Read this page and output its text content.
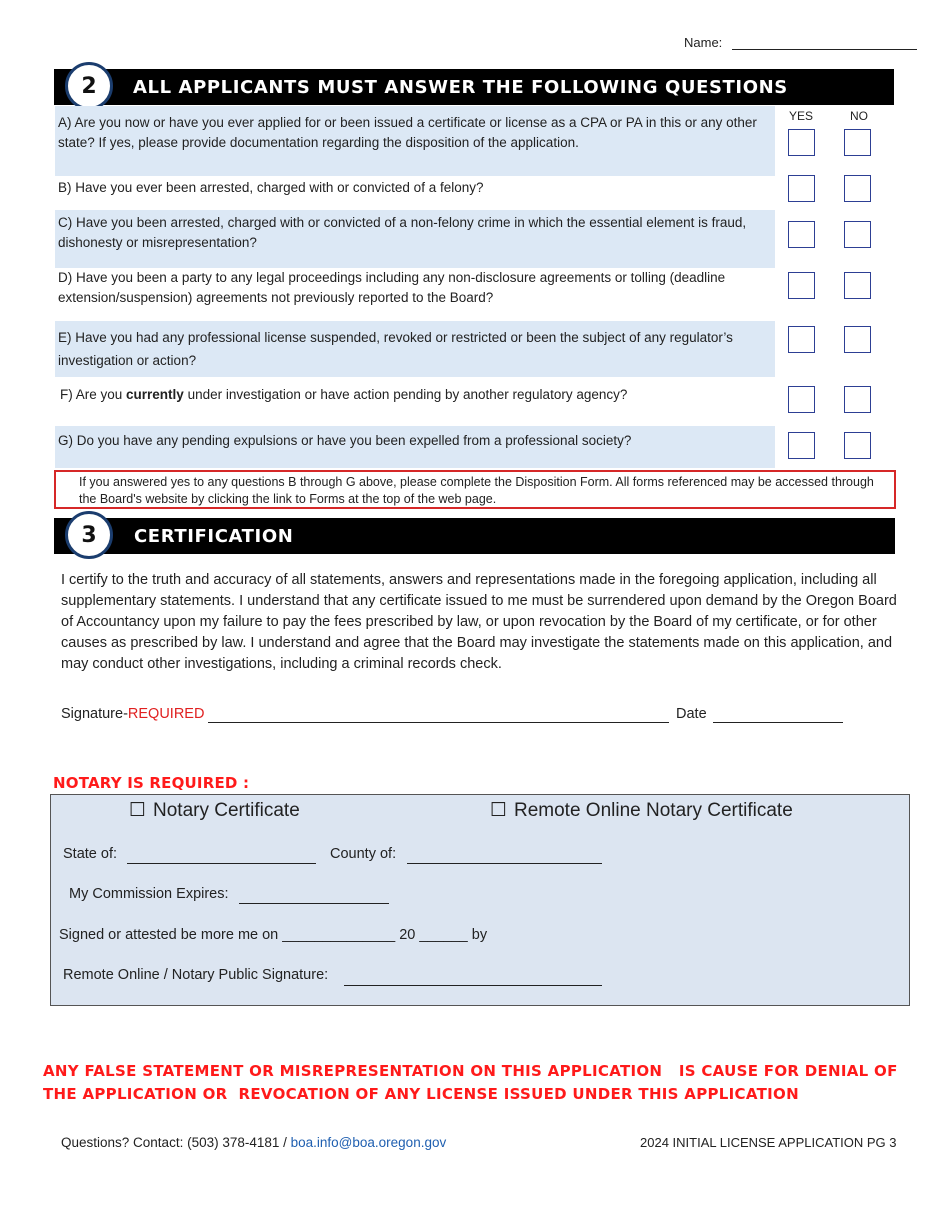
Name:
2	ALL APPLICANTS MUST ANSWER THE FOLLOWING QUESTIONS
YES	NO
A) Are you now or have you ever applied for or been issued a certificate or license as a CPA or PA in this or any other state? If yes, please provide documentation regarding the disposition of the application.
B) Have you ever been arrested, charged with or convicted of a felony?
C) Have you been arrested, charged with or convicted of a non-felony crime in which the essential element is fraud, dishonesty or misrepresentation?
D) Have you been a party to any legal proceedings including any non-disclosure agreements or tolling (deadline extension/suspension) agreements not previously reported to the Board?
E) Have you had any professional license suspended, revoked or restricted or been the subject of any regulator’s investigation or action?
F) Are you currently under investigation or have action pending by another regulatory agency?
G) Do you have any pending expulsions or have you been expelled from a professional society?
If you answered yes to any questions B through G above, please complete the Disposition Form. All forms referenced may be accessed through the Board's website by clicking the link to Forms at the top of the web page.
3	CERTIFICATION
I certify to the truth and accuracy of all statements, answers and representations made in the foregoing application, including all supplementary statements. I understand that any certificate issued to me must be surrendered upon demand by the Oregon Board of Accountancy upon my failure to pay the fees prescribed by law, or upon revocation by the Board of my certificate, or for other causes as prescribed by law. I understand and agree that the Board may investigate the statements made on this application, and may conduct other investigations, including a criminal records check.
Signature-REQUIRED	Date
NOTARY IS REQUIRED :
☐ Notary Certificate	☐ Remote Online Notary Certificate
State of:	County of:
My Commission Expires:
Signed or attested be more me on ______________ 20 ______ by
Remote Online / Notary Public Signature:
ANY FALSE STATEMENT OR MISREPRESENTATION ON THIS APPLICATION   IS CAUSE FOR DENIAL OF
THE APPLICATION OR  REVOCATION OF ANY LICENSE ISSUED UNDER THIS APPLICATION
Questions? Contact: (503) 378-4181 / boa.info@boa.oregon.gov	2024 INITIAL LICENSE APPLICATION PG 3
